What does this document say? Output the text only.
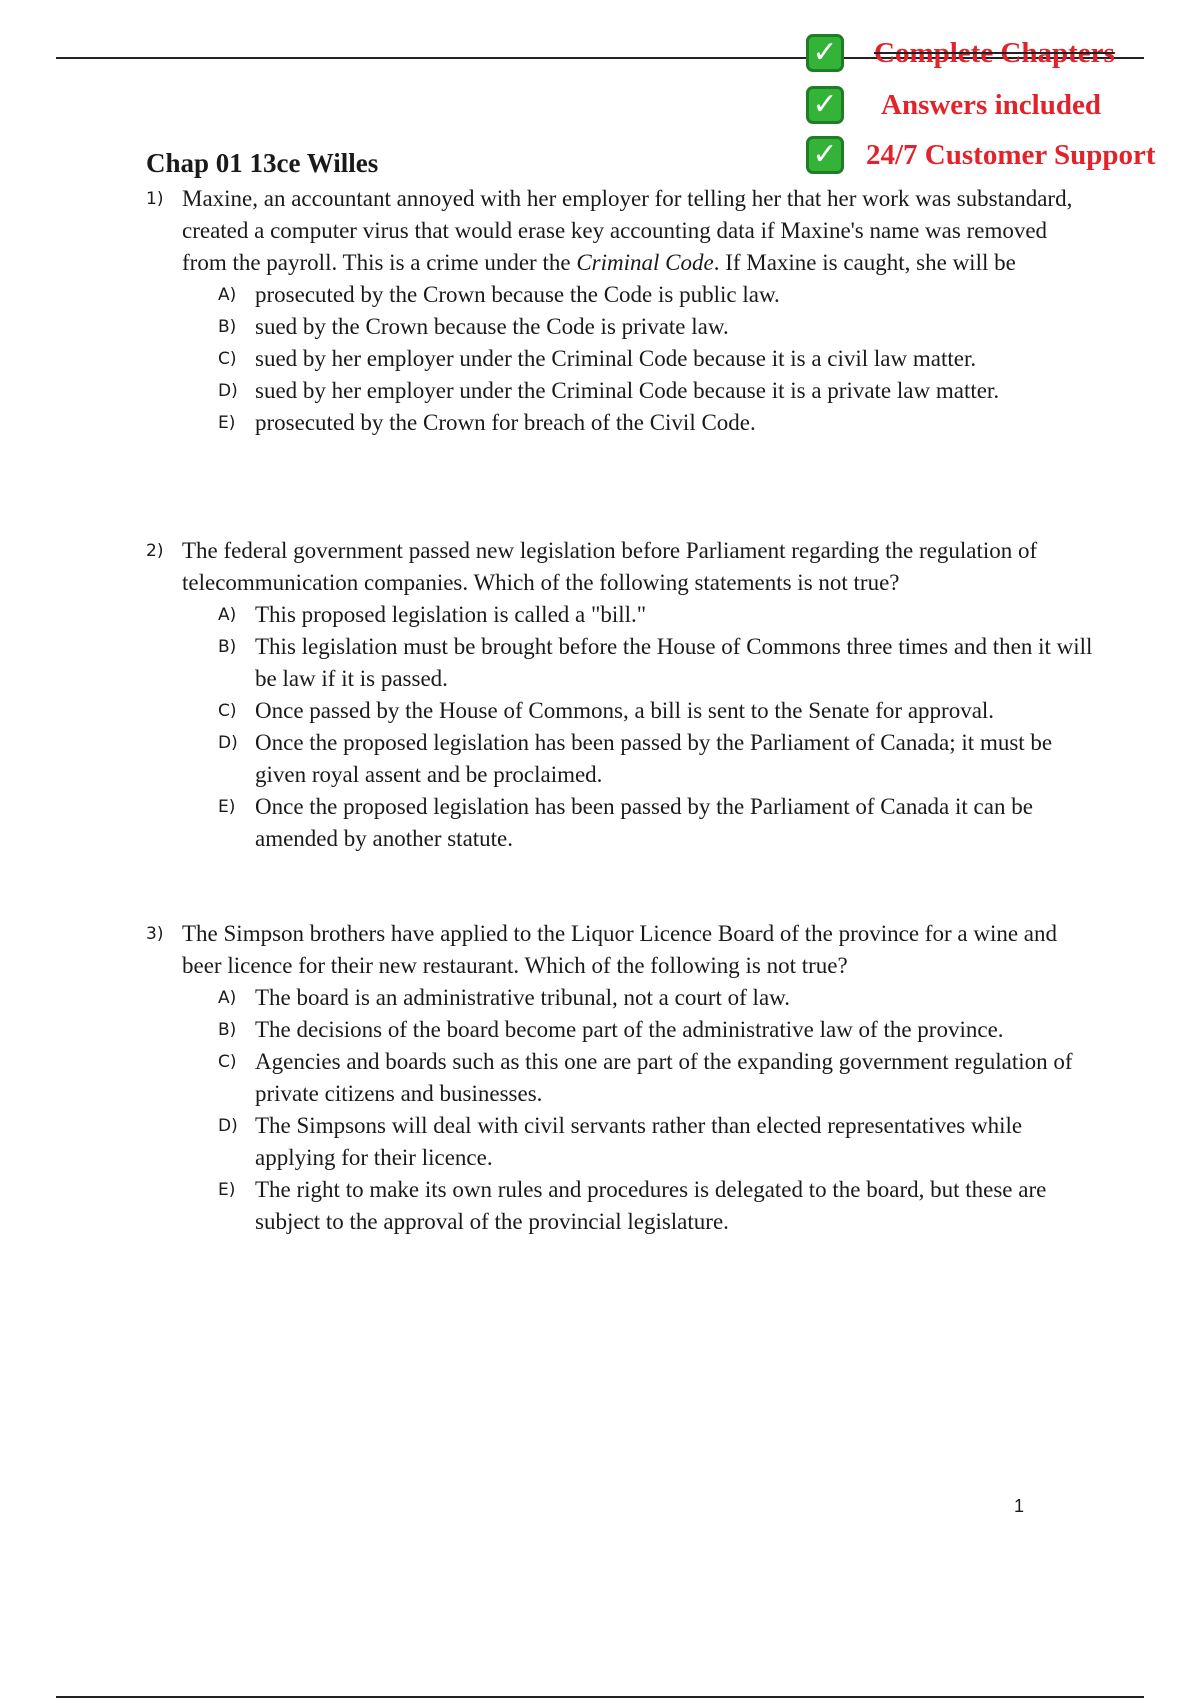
✓ Complete Chapters
✓ Answers included
✓ 24/7 Customer Support
Chap 01 13ce Willes
1) Maxine, an accountant annoyed with her employer for telling her that her work was substandard, created a computer virus that would erase key accounting data if Maxine's name was removed from the payroll. This is a crime under the Criminal Code. If Maxine is caught, she will be
A) prosecuted by the Crown because the Code is public law.
B) sued by the Crown because the Code is private law.
C) sued by her employer under the Criminal Code because it is a civil law matter.
D) sued by her employer under the Criminal Code because it is a private law matter.
E) prosecuted by the Crown for breach of the Civil Code.
2) The federal government passed new legislation before Parliament regarding the regulation of telecommunication companies. Which of the following statements is not true?
A) This proposed legislation is called a "bill."
B) This legislation must be brought before the House of Commons three times and then it will be law if it is passed.
C) Once passed by the House of Commons, a bill is sent to the Senate for approval.
D) Once the proposed legislation has been passed by the Parliament of Canada; it must be given royal assent and be proclaimed.
E) Once the proposed legislation has been passed by the Parliament of Canada it can be amended by another statute.
3) The Simpson brothers have applied to the Liquor Licence Board of the province for a wine and beer licence for their new restaurant. Which of the following is not true?
A) The board is an administrative tribunal, not a court of law.
B) The decisions of the board become part of the administrative law of the province.
C) Agencies and boards such as this one are part of the expanding government regulation of private citizens and businesses.
D) The Simpsons will deal with civil servants rather than elected representatives while applying for their licence.
E) The right to make its own rules and procedures is delegated to the board, but these are subject to the approval of the provincial legislature.
1
